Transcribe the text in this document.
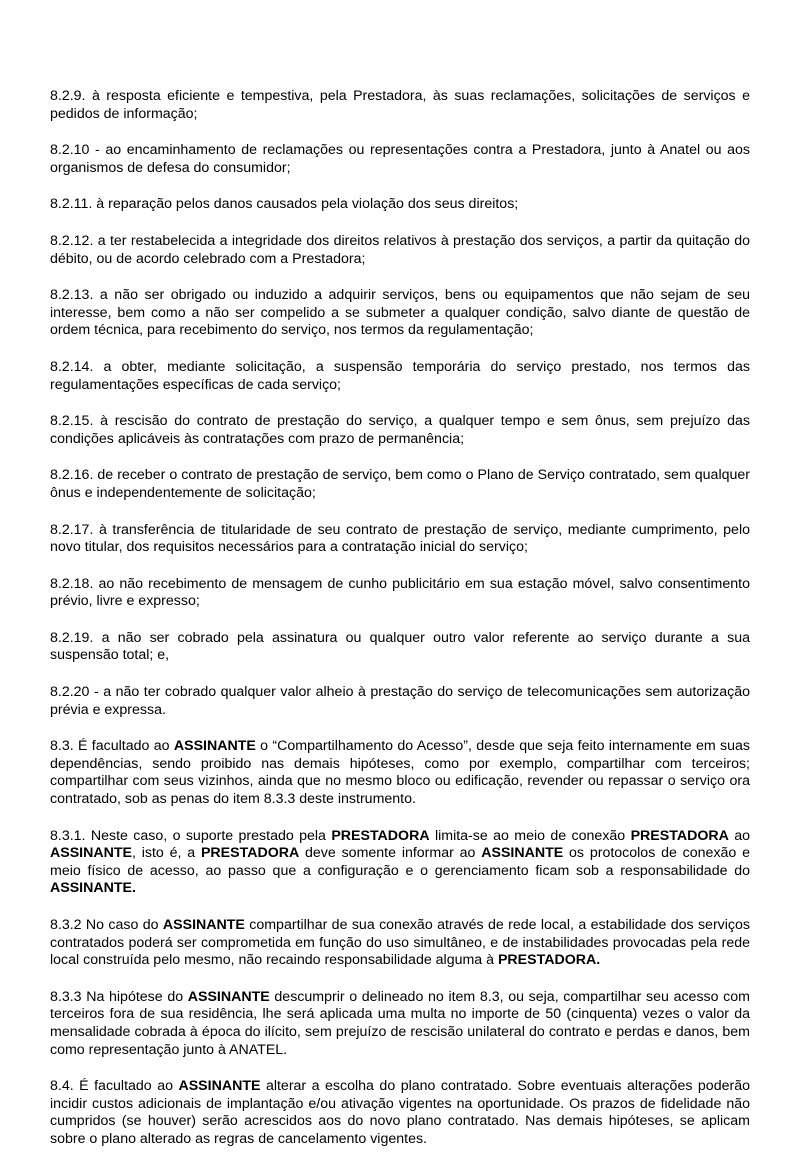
8.2.9. à resposta eficiente e tempestiva, pela Prestadora, às suas reclamações, solicitações de serviços e pedidos de informação;

8.2.10 - ao encaminhamento de reclamações ou representações contra a Prestadora, junto à Anatel ou aos organismos de defesa do consumidor;

8.2.11. à reparação pelos danos causados pela violação dos seus direitos;

8.2.12. a ter restabelecida a integridade dos direitos relativos à prestação dos serviços, a partir da quitação do débito, ou de acordo celebrado com a Prestadora;

8.2.13. a não ser obrigado ou induzido a adquirir serviços, bens ou equipamentos que não sejam de seu interesse, bem como a não ser compelido a se submeter a qualquer condição, salvo diante de questão de ordem técnica, para recebimento do serviço, nos termos da regulamentação;

8.2.14. a obter, mediante solicitação, a suspensão temporária do serviço prestado, nos termos das regulamentações específicas de cada serviço;

8.2.15. à rescisão do contrato de prestação do serviço, a qualquer tempo e sem ônus, sem prejuízo das condições aplicáveis às contratações com prazo de permanência;

8.2.16. de receber o contrato de prestação de serviço, bem como o Plano de Serviço contratado, sem qualquer ônus e independentemente de solicitação;

8.2.17. à transferência de titularidade de seu contrato de prestação de serviço, mediante cumprimento, pelo novo titular, dos requisitos necessários para a contratação inicial do serviço;

8.2.18. ao não recebimento de mensagem de cunho publicitário em sua estação móvel, salvo consentimento prévio, livre e expresso;

8.2.19. a não ser cobrado pela assinatura ou qualquer outro valor referente ao serviço durante a sua suspensão total; e,

8.2.20 - a não ter cobrado qualquer valor alheio à prestação do serviço de telecomunicações sem autorização prévia e expressa.

8.3. É facultado ao ASSINANTE o “Compartilhamento do Acesso”, desde que seja feito internamente em suas dependências, sendo proibido nas demais hipóteses, como por exemplo, compartilhar com terceiros; compartilhar com seus vizinhos, ainda que no mesmo bloco ou edificação, revender ou repassar o serviço ora contratado, sob as penas do item 8.3.3 deste instrumento.

8.3.1. Neste caso, o suporte prestado pela PRESTADORA limita-se ao meio de conexão PRESTADORA ao ASSINANTE, isto é, a PRESTADORA deve somente informar ao ASSINANTE os protocolos de conexão e meio físico de acesso, ao passo que a configuração e o gerenciamento ficam sob a responsabilidade do ASSINANTE.

8.3.2 No caso do ASSINANTE compartilhar de sua conexão através de rede local, a estabilidade dos serviços contratados poderá ser comprometida em função do uso simultâneo, e de instabilidades provocadas pela rede local construída pelo mesmo, não recaindo responsabilidade alguma à PRESTADORA.

8.3.3 Na hipótese do ASSINANTE descumprir o delineado no item 8.3, ou seja, compartilhar seu acesso com terceiros fora de sua residência, lhe será aplicada uma multa no importe de 50 (cinquenta) vezes o valor da mensalidade cobrada à época do ilícito, sem prejuízo de rescisão unilateral do contrato e perdas e danos, bem como representação junto à ANATEL.

8.4. É facultado ao ASSINANTE alterar a escolha do plano contratado. Sobre eventuais alterações poderão incidir custos adicionais de implantação e/ou ativação vigentes na oportunidade. Os prazos de fidelidade não cumpridos (se houver) serão acrescidos aos do novo plano contratado. Nas demais hipóteses, se aplicam sobre o plano alterado as regras de cancelamento vigentes.
